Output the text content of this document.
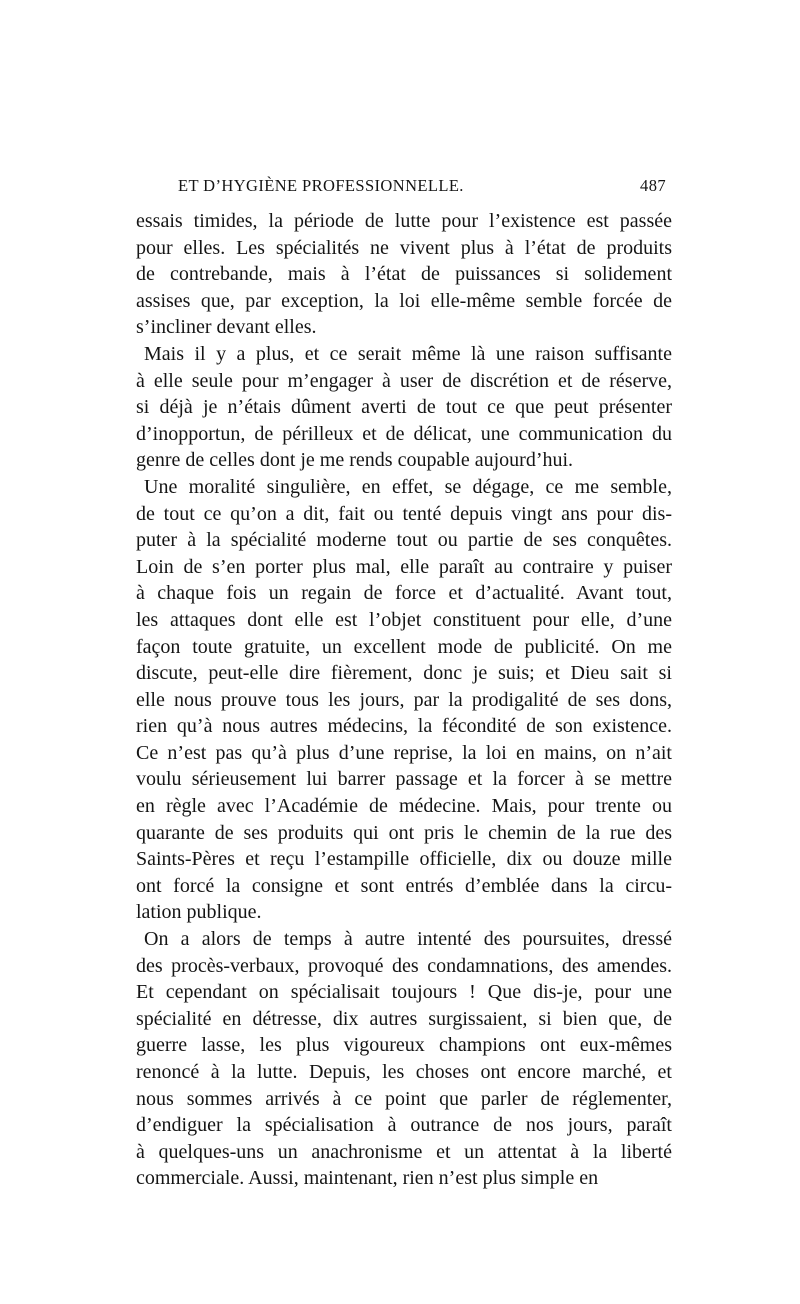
ET D’HYGIÈNE PROFESSIONNELLE.	487
essais timides, la période de lutte pour l’existence est passée
pour elles. Les spécialités ne vivent plus à l’état de produits
de contrebande, mais à l’état de puissances si solidement
assises que, par exception, la loi elle-même semble forcée de
s’incliner devant elles.
Mais il y a plus, et ce serait même là une raison suffisante
à elle seule pour m’engager à user de discrétion et de réserve,
si déjà je n’étais dûment averti de tout ce que peut présenter
d’inopportun, de périlleux et de délicat, une communication du
genre de celles dont je me rends coupable aujourd’hui.
Une moralité singulière, en effet, se dégage, ce me semble,
de tout ce qu’on a dit, fait ou tenté depuis vingt ans pour dis-
puter à la spécialité moderne tout ou partie de ses conquêtes.
Loin de s’en porter plus mal, elle paraît au contraire y puiser
à chaque fois un regain de force et d’actualité. Avant tout,
les attaques dont elle est l’objet constituent pour elle, d’une
façon toute gratuite, un excellent mode de publicité. On me
discute, peut-elle dire fièrement, donc je suis; et Dieu sait si
elle nous prouve tous les jours, par la prodigalité de ses dons,
rien qu’à nous autres médecins, la fécondité de son existence.
Ce n’est pas qu’à plus d’une reprise, la loi en mains, on n’ait
voulu sérieusement lui barrer passage et la forcer à se mettre
en règle avec l’Académie de médecine. Mais, pour trente ou
quarante de ses produits qui ont pris le chemin de la rue des
Saints-Pères et reçu l’estampille officielle, dix ou douze mille
ont forcé la consigne et sont entrés d’emblée dans la circu-
lation publique.
On a alors de temps à autre intenté des poursuites, dressé
des procès-verbaux, provoqué des condamnations, des amendes.
Et cependant on spécialisait toujours ! Que dis-je, pour une
spécialité en détresse, dix autres surgissaient, si bien que, de
guerre lasse, les plus vigoureux champions ont eux-mêmes
renoncé à la lutte. Depuis, les choses ont encore marché, et
nous sommes arrivés à ce point que parler de réglementer,
d’endiguer la spécialisation à outrance de nos jours, paraît
à quelques-uns un anachronisme et un attentat à la liberté
commerciale. Aussi, maintenant, rien n’est plus simple en
